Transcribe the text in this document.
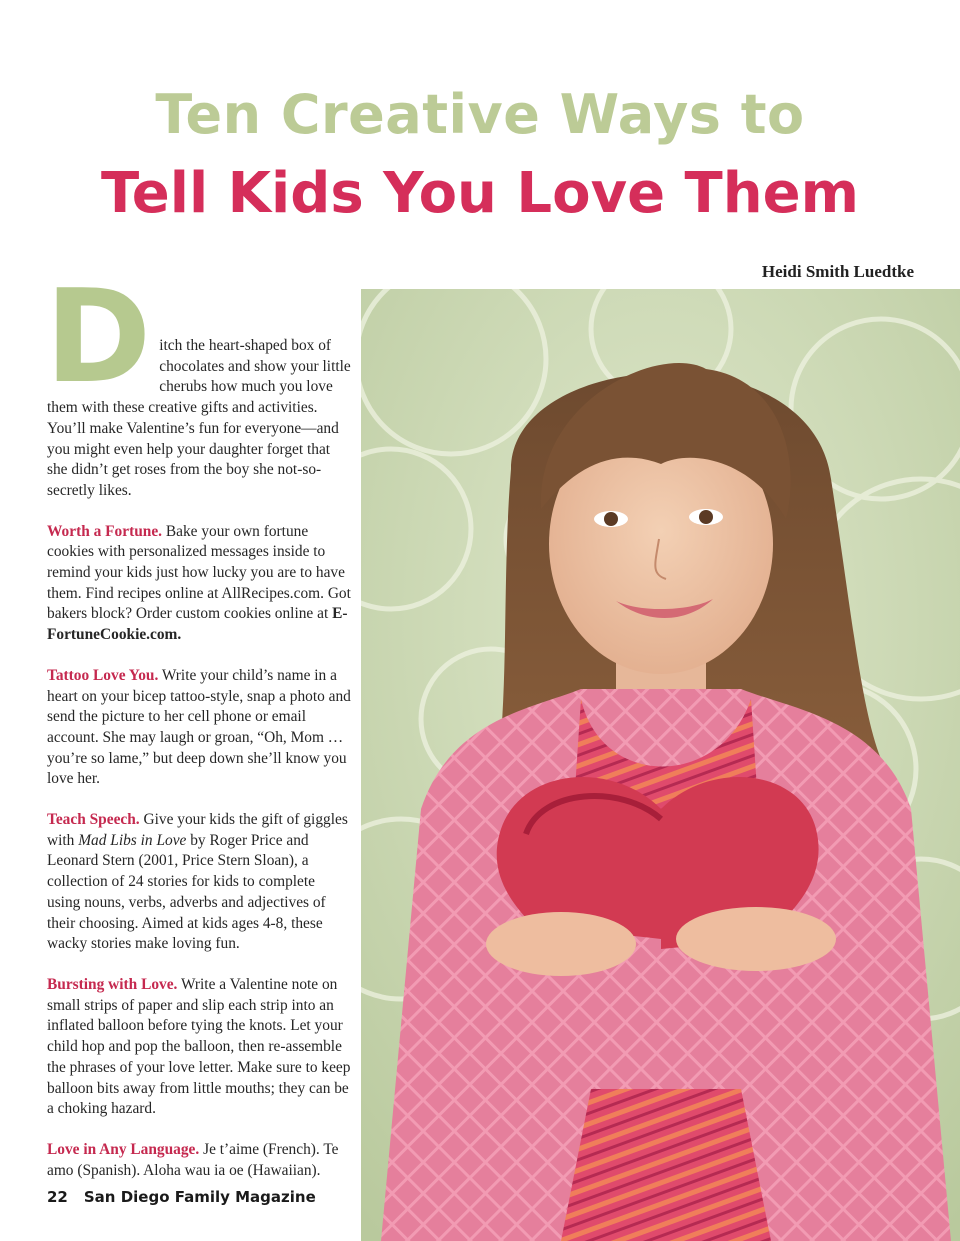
Ten Creative Ways to
Tell Kids You Love Them
Heidi Smith Luedtke
D itch the heart-shaped box of chocolates and show your little cherubs how much you love them with these creative gifts and activities. You’ll make Valentine’s fun for everyone—and you might even help your daughter forget that she didn’t get roses from the boy she not-so-secretly likes.

Worth a Fortune. Bake your own fortune cookies with personalized messages inside to remind your kids just how lucky you are to have them. Find recipes online at AllRecipes.com. Got bakers block? Order custom cookies online at E-FortuneCookie.com.

Tattoo Love You. Write your child’s name in a heart on your bicep tattoo-style, snap a photo and send the picture to her cell phone or email account. She may laugh or groan, “Oh, Mom … you’re so lame,” but deep down she’ll know you love her.

Teach Speech. Give your kids the gift of giggles with Mad Libs in Love by Roger Price and Leonard Stern (2001, Price Stern Sloan), a collection of 24 stories for kids to complete using nouns, verbs, adverbs and adjectives of their choosing. Aimed at kids ages 4-8, these wacky stories make loving fun.

Bursting with Love. Write a Valentine note on small strips of paper and slip each strip into an inflated balloon before tying the knots. Let your child hop and pop the balloon, then re-assemble the phrases of your love letter. Make sure to keep balloon bits away from little mouths; they can be a choking hazard.

Love in Any Language. Je t’aime (French). Te amo (Spanish). Aloha wau ia oe (Hawaiian).

22 San Diego Family Magazine
